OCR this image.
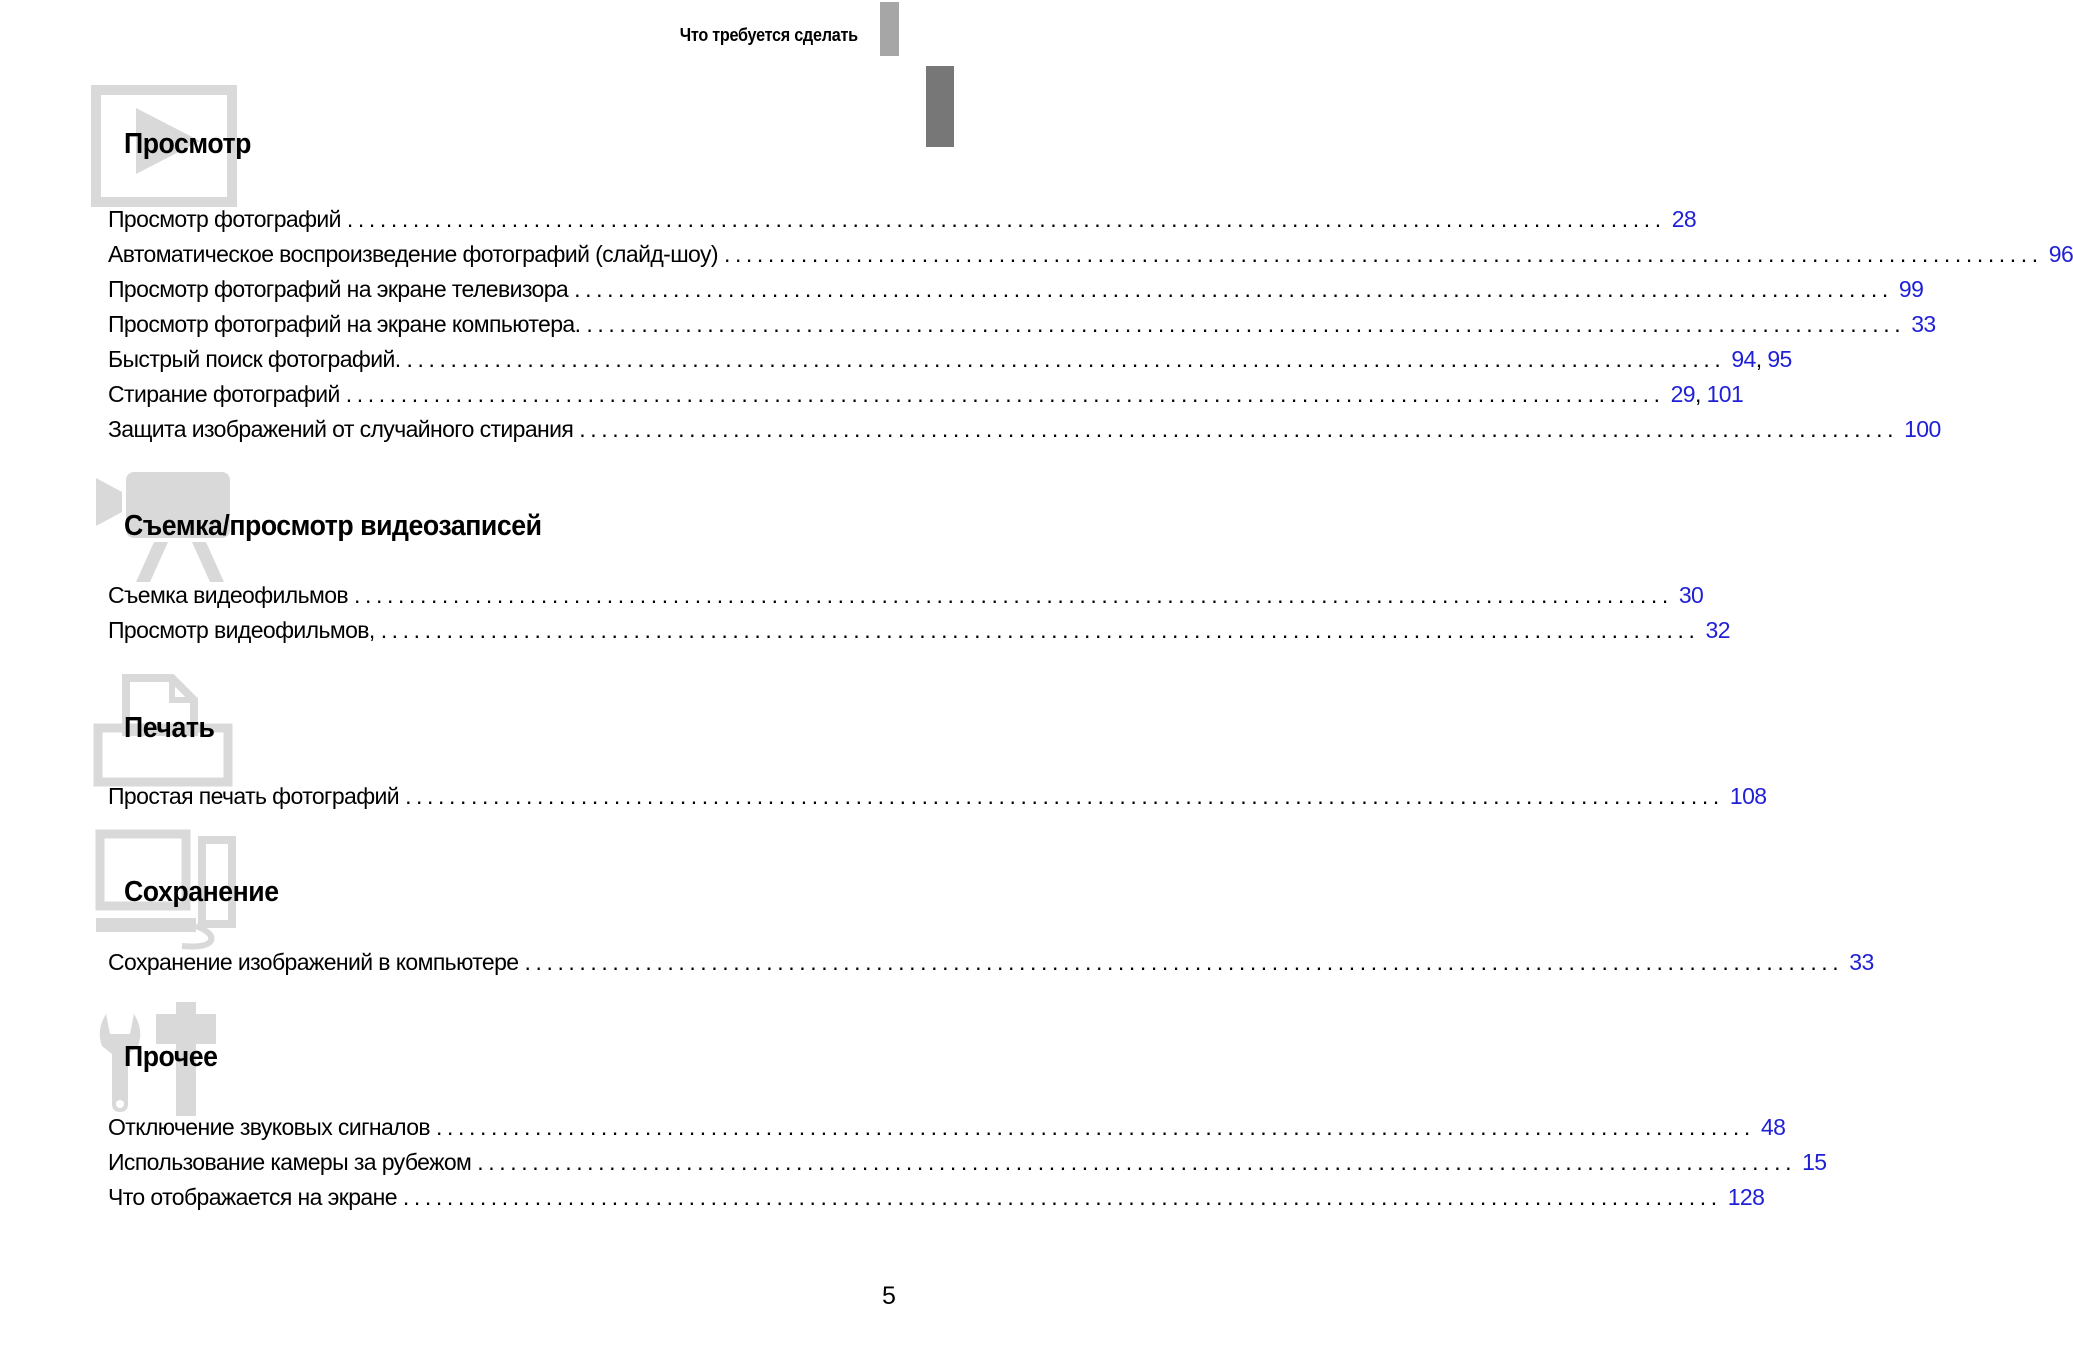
Что требуется сделать
Просмотр
Просмотр фотографий ........................................................................................................................ 28
Автоматическое воспроизведение фотографий (слайд-шоу) ........................................................................................................................ 96
Просмотр фотографий на экране телевизора ........................................................................................................................ 99
Просмотр фотографий на экране компьютера. ........................................................................................................................ 33
Быстрый поиск фотографий. ........................................................................................................................ 94, 95
Стирание фотографий ........................................................................................................................ 29, 101
Защита изображений от случайного стирания ........................................................................................................................ 100
Съемка/просмотр видеозаписей
Съемка видеофильмов ........................................................................................................................ 30
Просмотр видеофильмов, ........................................................................................................................ 32
Печать
Простая печать фотографий ........................................................................................................................ 108
Сохранение
Сохранение изображений в компьютере ........................................................................................................................ 33
Прочее
Отключение звуковых сигналов ........................................................................................................................ 48
Использование камеры за рубежом ........................................................................................................................ 15
Что отображается на экране ........................................................................................................................ 128
5
